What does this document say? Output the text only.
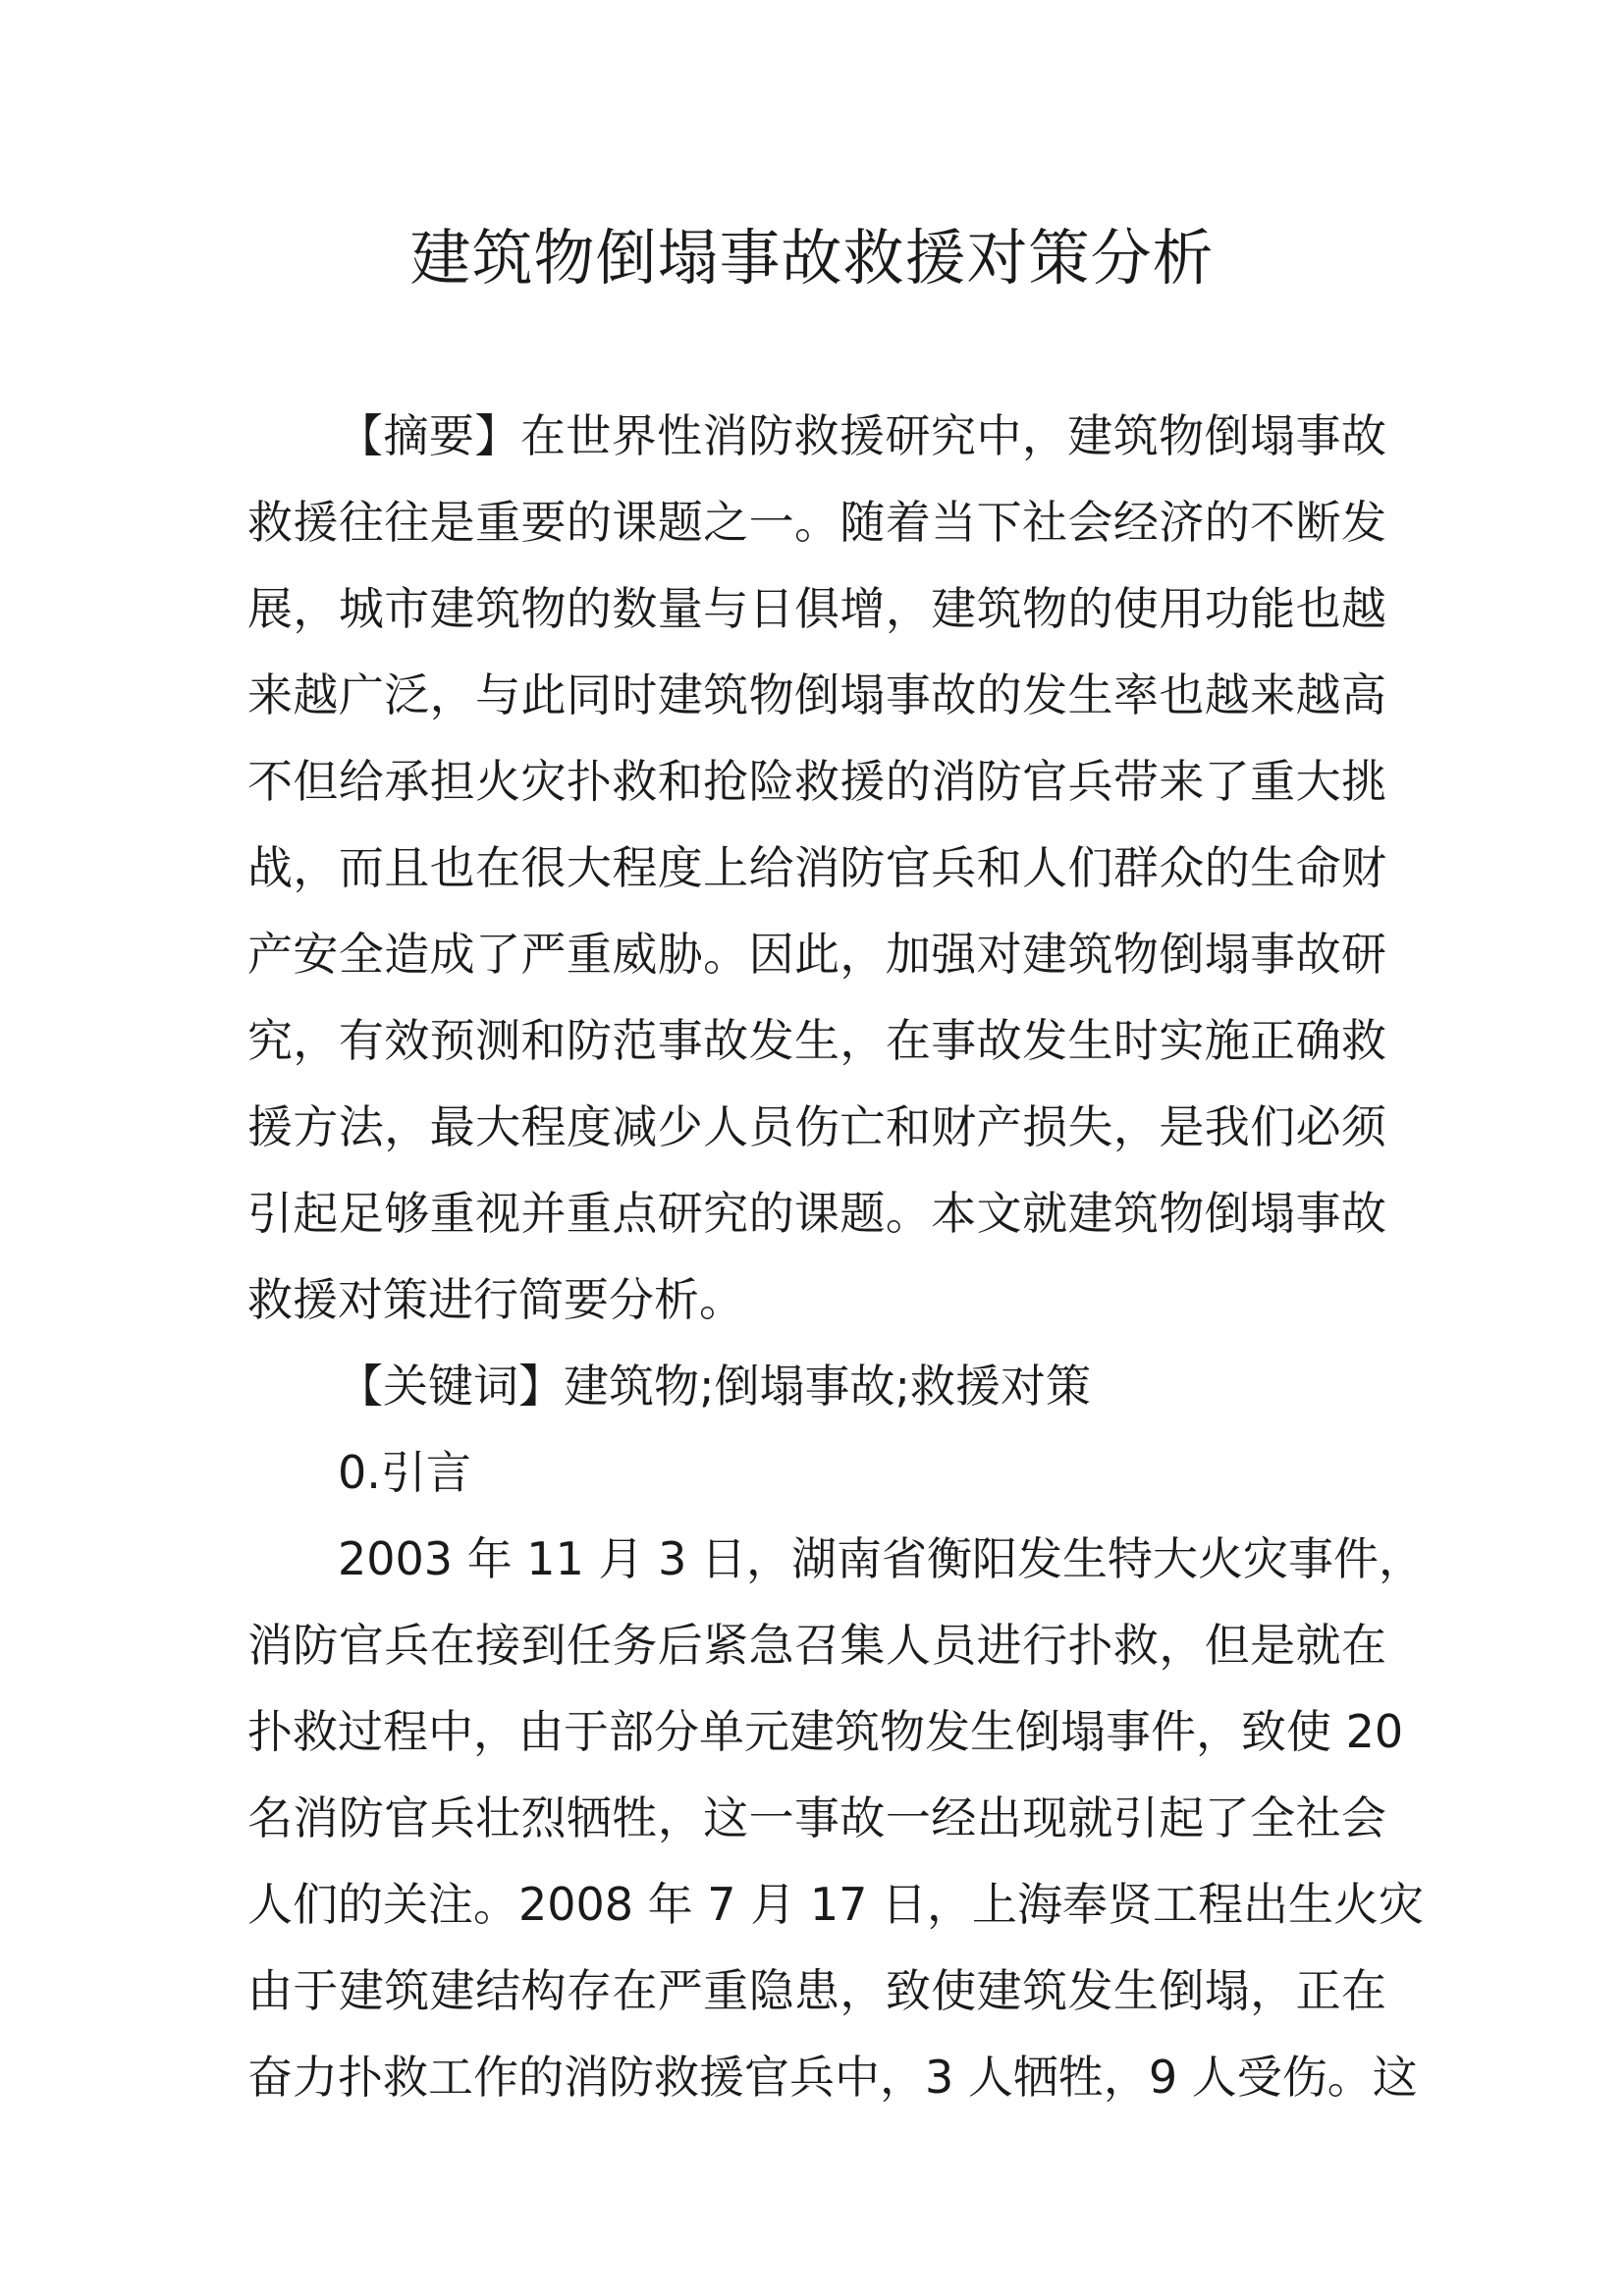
建筑物倒塌事故救援对策分析
【摘要】在世界性消防救援研究中，建筑物倒塌事故
救援往往是重要的课题之一。随着当下社会经济的不断发
展，城市建筑物的数量与日俱增，建筑物的使用功能也越
来越广泛，与此同时建筑物倒塌事故的发生率也越来越高
不但给承担火灾扑救和抢险救援的消防官兵带来了重大挑
战，而且也在很大程度上给消防官兵和人们群众的生命财
产安全造成了严重威胁。因此，加强对建筑物倒塌事故研
究，有效预测和防范事故发生，在事故发生时实施正确救
援方法，最大程度减少人员伤亡和财产损失，是我们必须
引起足够重视并重点研究的课题。本文就建筑物倒塌事故
救援对策进行简要分析。
【关键词】建筑物;倒塌事故;救援对策
0.引言
2003 年 11 月 3 日，湖南省衡阳发生特大火灾事件，
消防官兵在接到任务后紧急召集人员进行扑救，但是就在
扑救过程中，由于部分单元建筑物发生倒塌事件，致使 20
名消防官兵壮烈牺牲，这一事故一经出现就引起了全社会
人们的关注。2008 年 7 月 17 日，上海奉贤工程出生火灾
由于建筑建结构存在严重隐患，致使建筑发生倒塌，正在
奋力扑救工作的消防救援官兵中，3 人牺牲，9 人受伤。这
